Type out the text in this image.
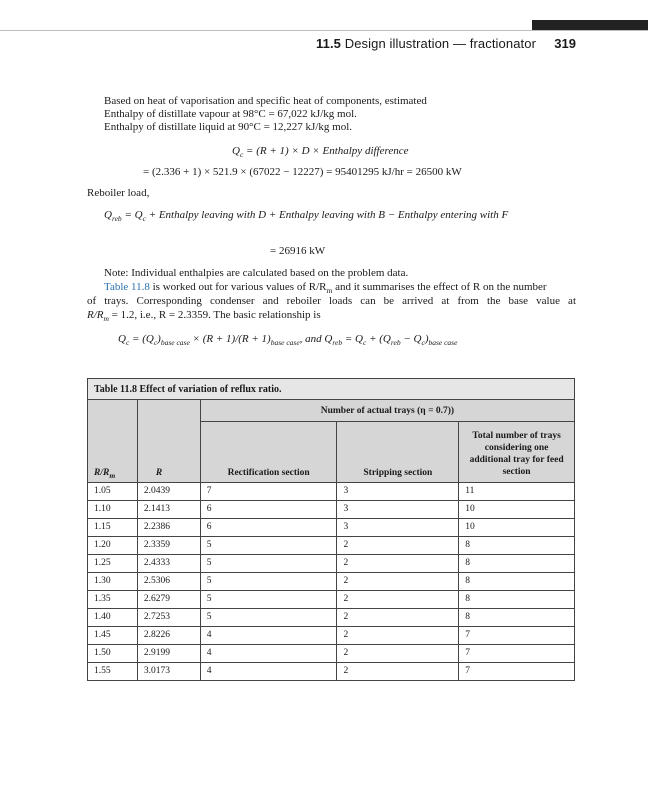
11.5 Design illustration — fractionator 319
Based on heat of vaporisation and specific heat of components, estimated
Enthalpy of distillate vapour at 98°C = 67,022 kJ/kg mol.
Enthalpy of distillate liquid at 90°C = 12,227 kJ/kg mol.
$Q_c = (R + 1) \times D$ × Enthalpy difference
= (2.336 + 1) × 521.9 × (67022 − 12227) = 95401295 kJ/hr = 26500 kW
Reboiler load,
$Q_{reb} = Q_c$ + Enthalpy leaving with D + Enthalpy leaving with B − Enthalpy entering with F
= 26916 kW
Note: Individual enthalpies are calculated based on the problem data.
Table 11.8 is worked out for various values of $R/R_m$ and it summarises the effect of R on the number
of trays. Corresponding condenser and reboiler loads can be arrived at from the base value at
$R/R_m = 1.2$, i.e., R = 2.3359. The basic relationship is
$Q_c = (Q_c)_{base case} \times (R + 1)/(R + 1)_{base case}$, and $Q_{reb} = Q_c + (Q_{reb} - Q_c)_{base case}$
Table 11.8 Effect of variation of reflux ratio.				
		Number of actual trays (η = 0.7))		
$R/R_m$	R	Rectification section	Stripping section	Total number of trays considering one additional tray for feed section
1.05	2.0439	7	3	11
1.10	2.1413	6	3	10
1.15	2.2386	6	3	10
1.20	2.3359	5	2	8
1.25	2.4333	5	2	8
1.30	2.5306	5	2	8
1.35	2.6279	5	2	8
1.40	2.7253	5	2	8
1.45	2.8226	4	2	7
1.50	2.9199	4	2	7
1.55	3.0173	4	2	7
